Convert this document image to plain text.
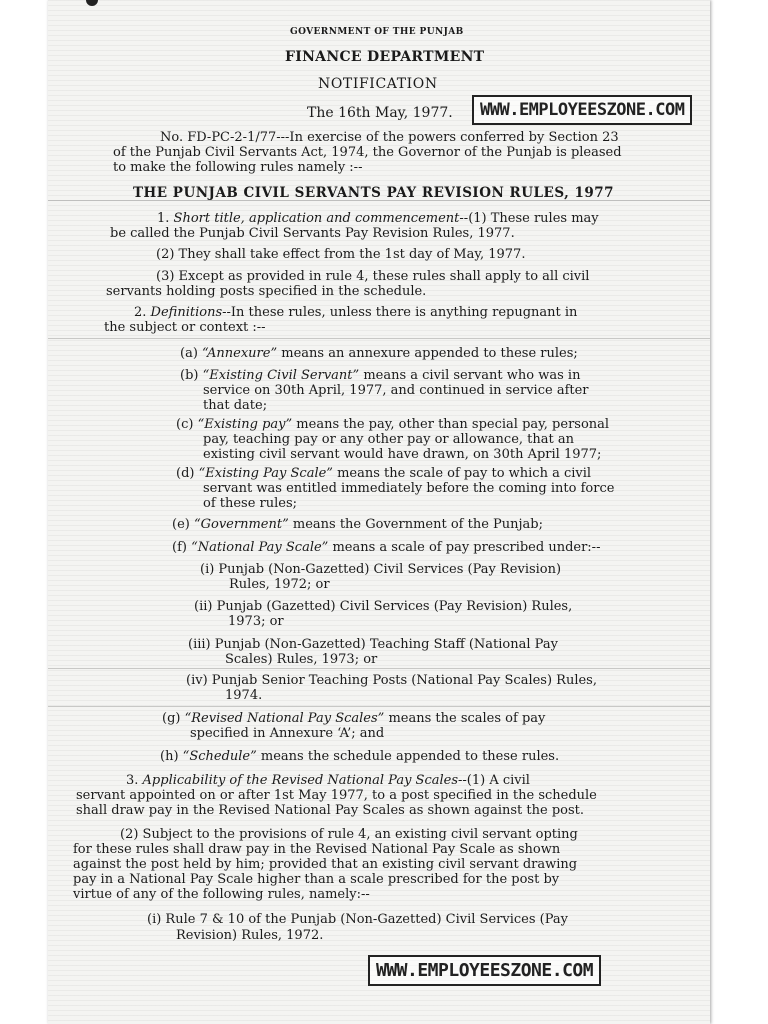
GOVERNMENT OF THE PUNJAB
FINANCE DEPARTMENT
NOTIFICATION
The 16th May, 1977.	WWW.EMPLOYEESZONE.COM
No. FD-PC-2-1/77---In exercise of the powers conferred by Section 23
of the Punjab Civil Servants Act, 1974, the Governor of the Punjab is pleased
to make the following rules namely :--
THE PUNJAB CIVIL SERVANTS PAY REVISION RULES, 1977
1. Short title, application and commencement--(1) These rules may
be called the Punjab Civil Servants Pay Revision Rules, 1977.
(2) They shall take effect from the 1st day of May, 1977.
(3) Except as provided in rule 4, these rules shall apply to all civil
servants holding posts specified in the schedule.
2. Definitions--In these rules, unless there is anything repugnant in
the subject or context :--
(a) “Annexure” means an annexure appended to these rules;
(b) “Existing Civil Servant” means a civil servant who was in
service on 30th April, 1977, and continued in service after
that date;
(c) “Existing pay” means the pay, other than special pay, personal
pay, teaching pay or any other pay or allowance, that an
existing civil servant would have drawn, on 30th April 1977;
(d) “Existing Pay Scale” means the scale of pay to which a civil
servant was entitled immediately before the coming into force
of these rules;
(e) “Government” means the Government of the Punjab;
(f) “National Pay Scale” means a scale of pay prescribed under:--
(i) Punjab (Non-Gazetted) Civil Services (Pay Revision)
Rules, 1972; or
(ii) Punjab (Gazetted) Civil Services (Pay Revision) Rules,
1973; or
(iii) Punjab (Non-Gazetted) Teaching Staff (National Pay
Scales) Rules, 1973; or
(iv) Punjab Senior Teaching Posts (National Pay Scales) Rules,
1974.
(g) “Revised National Pay Scales” means the scales of pay
specified in Annexure ‘A’; and
(h) “Schedule” means the schedule appended to these rules.
3. Applicability of the Revised National Pay Scales--(1) A civil
servant appointed on or after 1st May 1977, to a post specified in the schedule
shall draw pay in the Revised National Pay Scales as shown against the post.
(2) Subject to the provisions of rule 4, an existing civil servant opting
for these rules shall draw pay in the Revised National Pay Scale as shown
against the post held by him; provided that an existing civil servant drawing
pay in a National Pay Scale higher than a scale prescribed for the post by
virtue of any of the following rules, namely:--
(i) Rule 7 & 10 of the Punjab (Non-Gazetted) Civil Services (Pay
Revision) Rules, 1972.
WWW.EMPLOYEESZONE.COM
